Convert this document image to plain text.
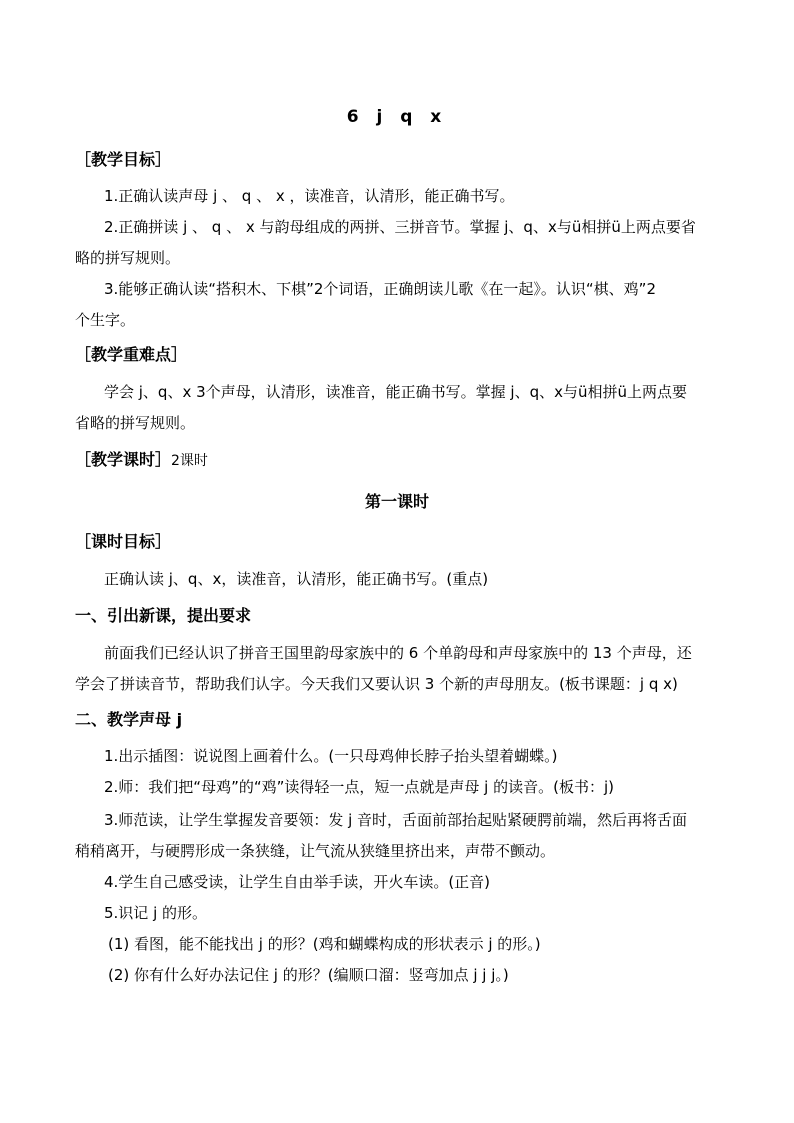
6 j q x
［教学目标］
1.正确认读声母 j 、 q 、 x ，读准音，认清形，能正确书写。
2.正确拼读 j 、 q 、 x 与韵母组成的两拼、三拼音节。掌握 j、q、x与ü相拼ü上两点要省
略的拼写规则。
3.能够正确认读“搭积木、下棋”2个词语，正确朗读儿歌《在一起》。认识“棋、鸡”2
个生字。
［教学重难点］
学会 j、q、x 3个声母，认清形，读准音，能正确书写。掌握 j、q、x与ü相拼ü上两点要
省略的拼写规则。
［教学课时］2课时
第一课时
［课时目标］
正确认读 j、q、x，读准音，认清形，能正确书写。(重点)
一、引出新课，提出要求
前面我们已经认识了拼音王国里韵母家族中的 6 个单韵母和声母家族中的 13 个声母，还
学会了拼读音节，帮助我们认字。今天我们又要认识 3 个新的声母朋友。(板书课题：j q x)
二、教学声母 j
1.出示插图：说说图上画着什么。(一只母鸡伸长脖子抬头望着蝴蝶。)
2.师：我们把“母鸡”的“鸡”读得轻一点，短一点就是声母 j 的读音。(板书：j)
3.师范读，让学生掌握发音要领：发 j 音时，舌面前部抬起贴紧硬腭前端，然后再将舌面
稍稍离开，与硬腭形成一条狭缝，让气流从狭缝里挤出来，声带不颤动。
4.学生自己感受读，让学生自由举手读，开火车读。(正音)
5.识记 j 的形。
(1) 看图，能不能找出 j 的形？(鸡和蝴蝶构成的形状表示 j 的形。)
(2) 你有什么好办法记住 j 的形？(编顺口溜：竖弯加点 j j j。)
